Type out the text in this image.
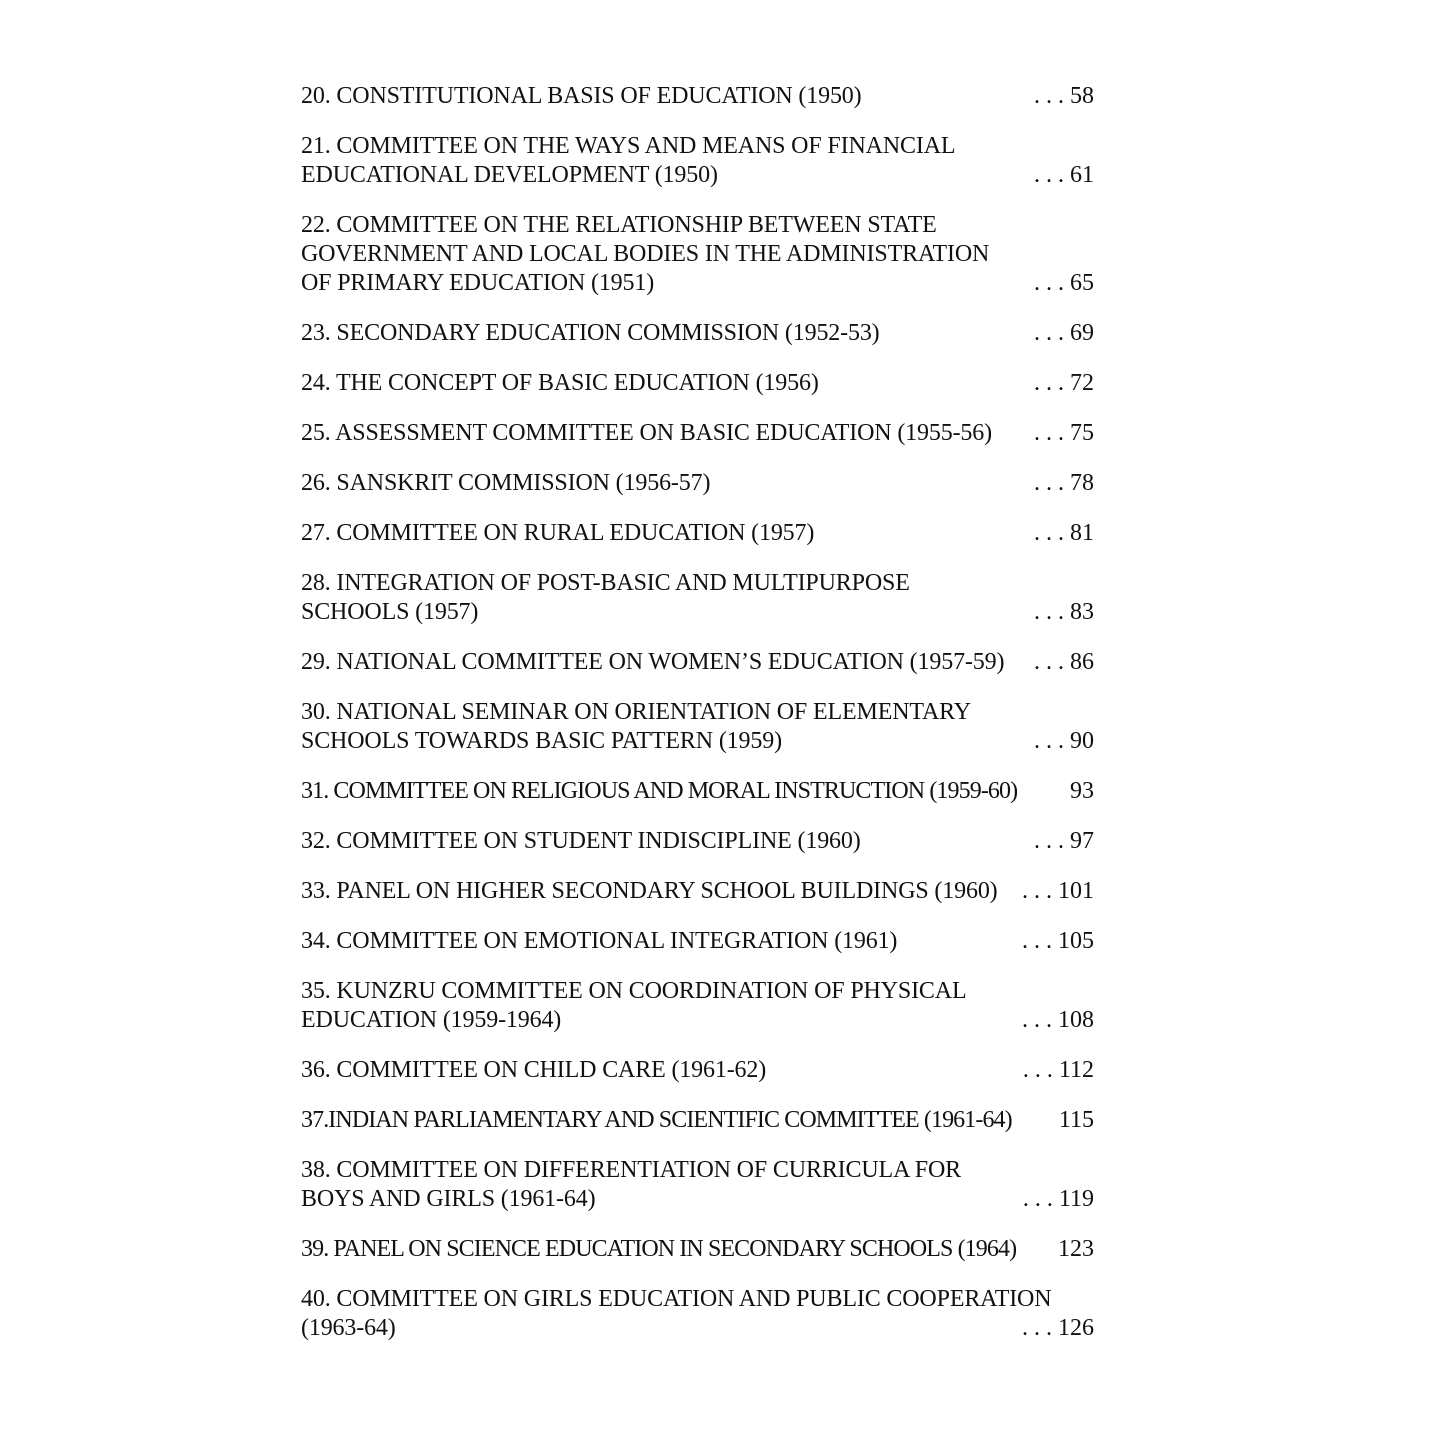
20. CONSTITUTIONAL BASIS OF EDUCATION (1950)	. . . 58
21. COMMITTEE ON THE WAYS AND MEANS OF FINANCIAL
EDUCATIONAL DEVELOPMENT (1950)	. . . 61
22. COMMITTEE ON THE RELATIONSHIP BETWEEN STATE
GOVERNMENT AND LOCAL BODIES IN THE ADMINISTRATION
OF PRIMARY EDUCATION (1951)	. . . 65
23. SECONDARY EDUCATION COMMISSION (1952-53)	. . . 69
24. THE CONCEPT OF BASIC EDUCATION (1956)	. . . 72
25. ASSESSMENT COMMITTEE ON BASIC EDUCATION (1955-56)	. . . 75
26. SANSKRIT COMMISSION (1956-57)	. . . 78
27. COMMITTEE ON RURAL EDUCATION (1957)	. . . 81
28. INTEGRATION OF POST-BASIC AND MULTIPURPOSE
SCHOOLS (1957)	. . . 83
29. NATIONAL COMMITTEE ON WOMEN’S EDUCATION (1957-59)	. . . 86
30. NATIONAL SEMINAR ON ORIENTATION OF ELEMENTARY
SCHOOLS TOWARDS BASIC PATTERN (1959)	. . . 90
31. COMMITTEE ON RELIGIOUS AND MORAL INSTRUCTION (1959-60)	93
32. COMMITTEE ON STUDENT INDISCIPLINE (1960)	. . . 97
33. PANEL ON HIGHER SECONDARY SCHOOL BUILDINGS (1960)	. . . 101
34. COMMITTEE ON EMOTIONAL INTEGRATION (1961)	. . . 105
35. KUNZRU COMMITTEE ON COORDINATION OF PHYSICAL
EDUCATION (1959-1964)	. . . 108
36. COMMITTEE ON CHILD CARE (1961-62)	. . . 112
37.INDIAN PARLIAMENTARY AND SCIENTIFIC COMMITTEE (1961-64)	115
38. COMMITTEE ON DIFFERENTIATION OF CURRICULA FOR
BOYS AND GIRLS (1961-64)	. . . 119
39. PANEL ON SCIENCE EDUCATION IN SECONDARY SCHOOLS (1964)	123
40. COMMITTEE ON GIRLS EDUCATION AND PUBLIC COOPERATION
(1963-64)	. . . 126
